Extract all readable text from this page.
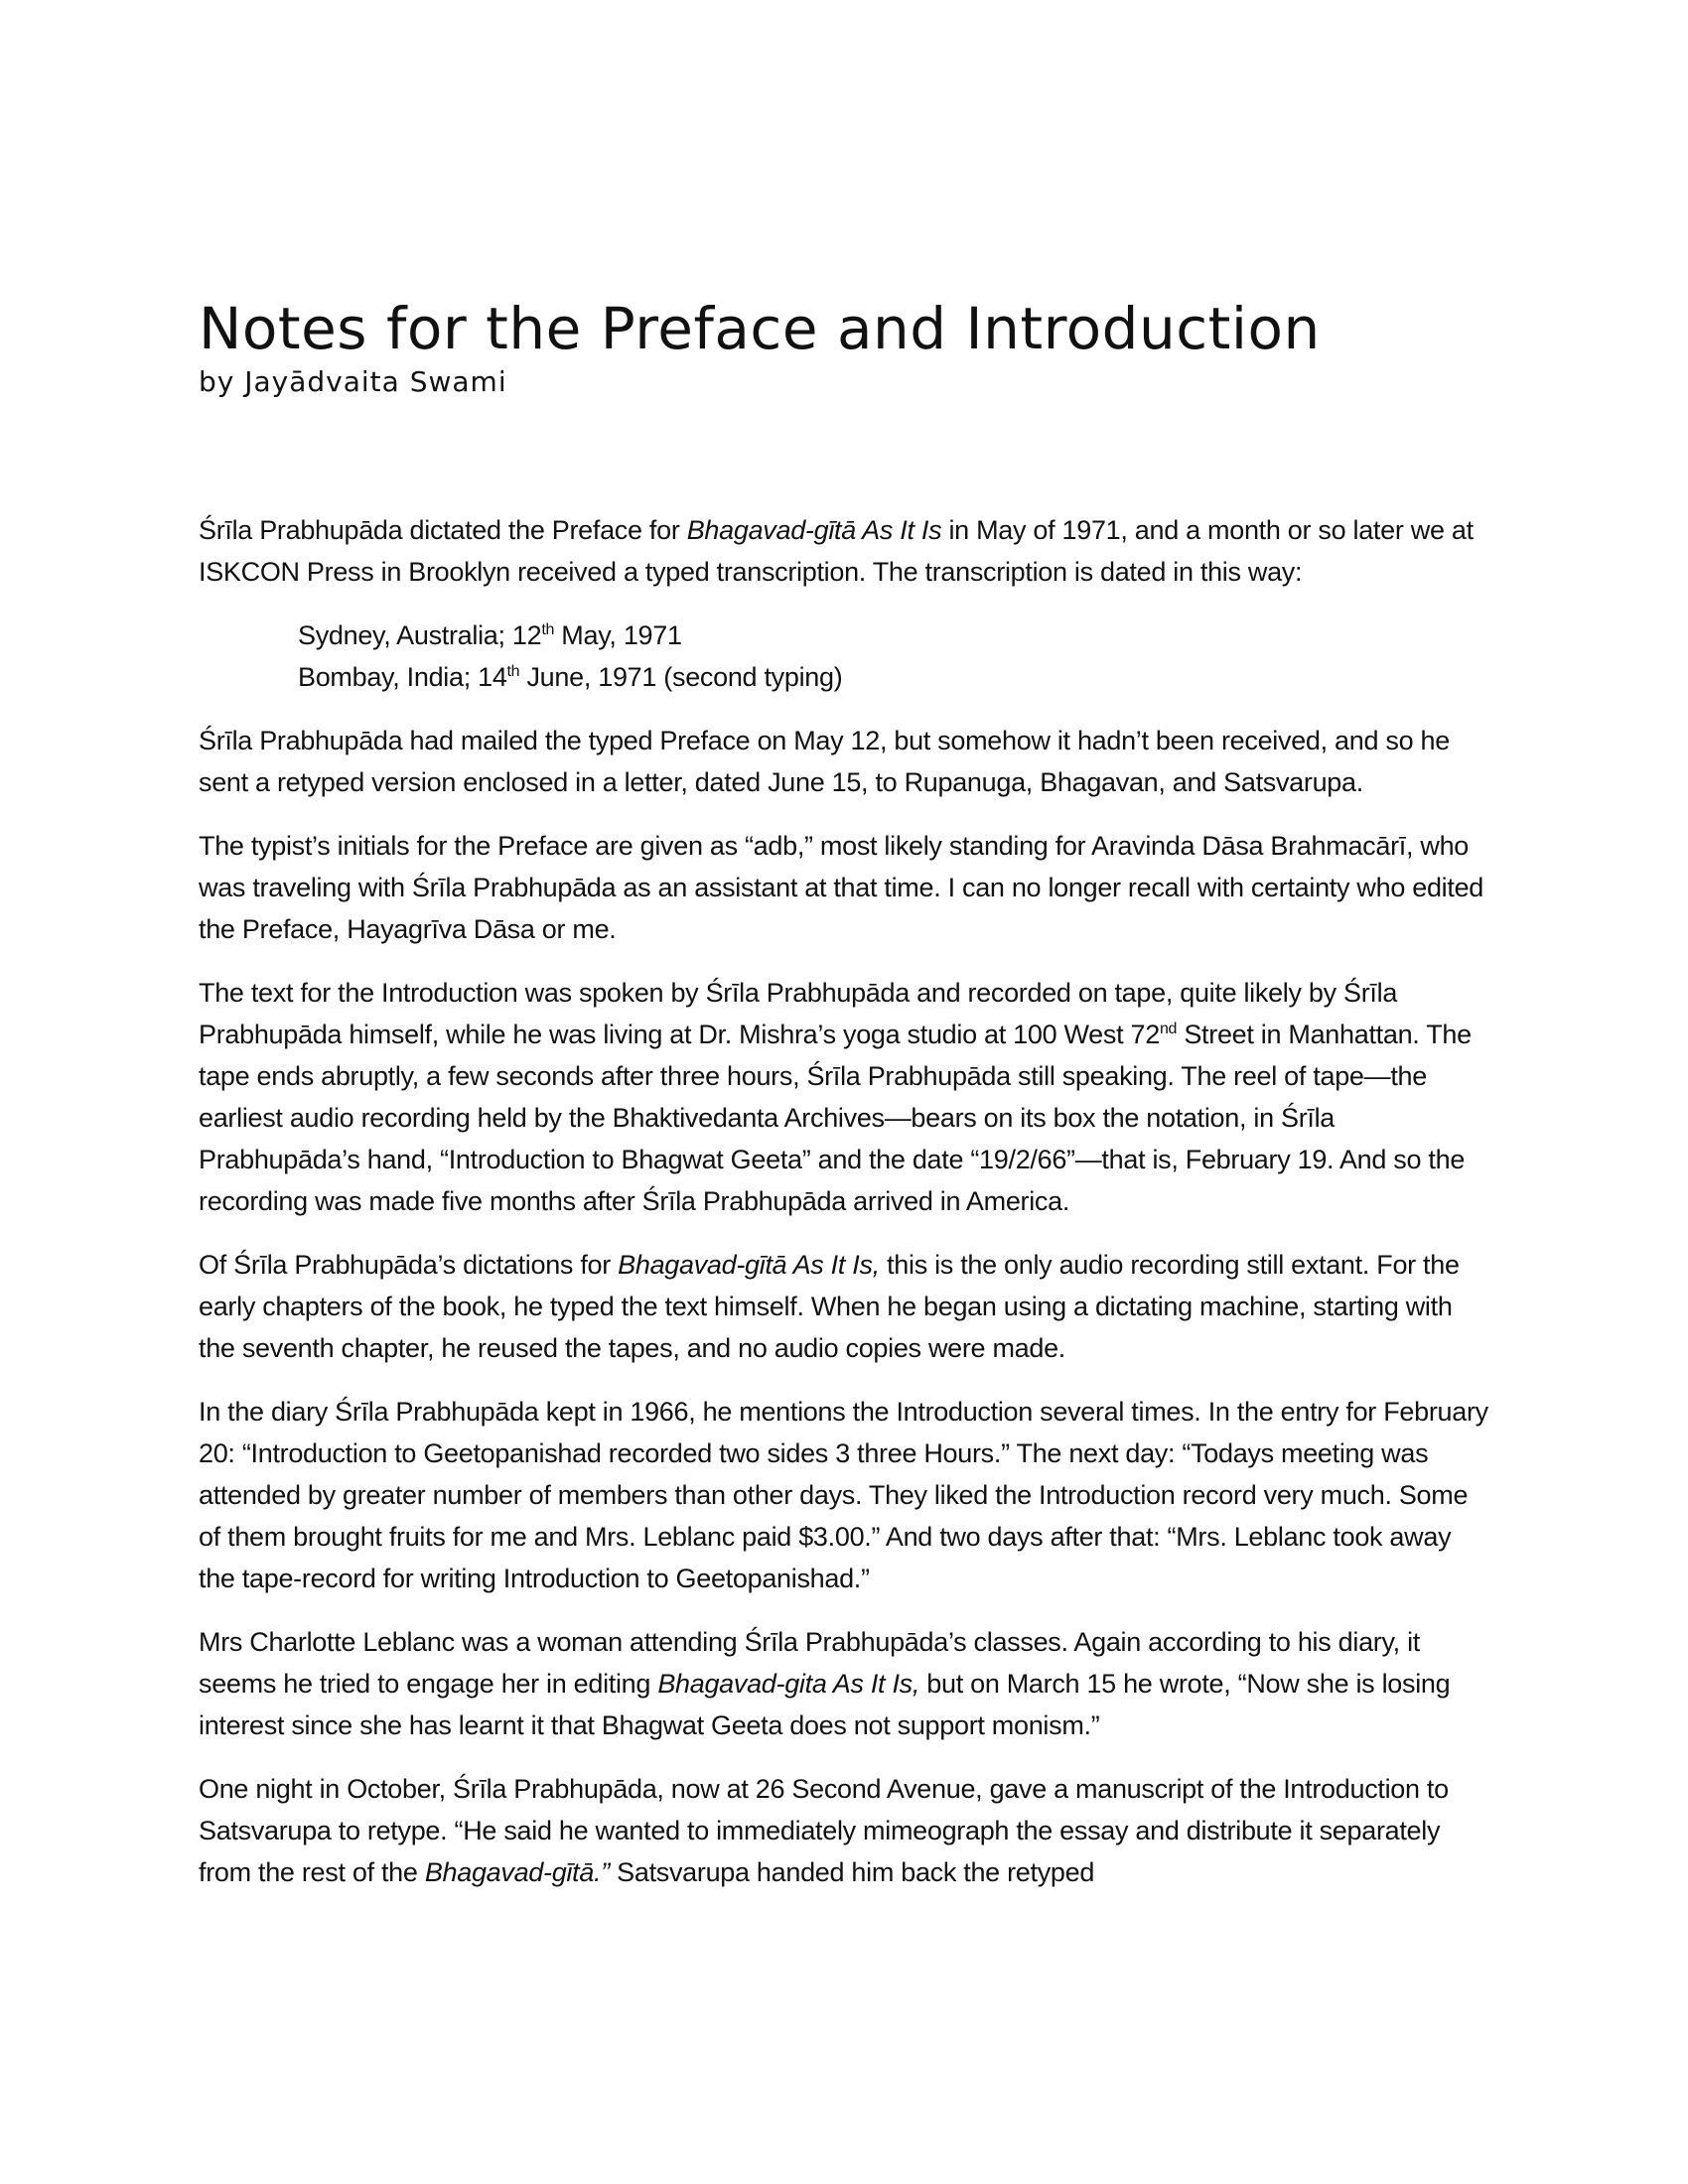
Notes for the Preface and Introduction
by Jayādvaita Swami

Śrīla Prabhupāda dictated the Preface for Bhagavad-gītā As It Is in May of 1971, and a month or so later we at ISKCON Press in Brooklyn received a typed transcription. The transcription is dated in this way:

Sydney, Australia; 12th May, 1971
Bombay, India; 14th June, 1971 (second typing)

Śrīla Prabhupāda had mailed the typed Preface on May 12, but somehow it hadn’t been received, and so he sent a retyped version enclosed in a letter, dated June 15, to Rupanuga, Bhagavan, and Satsvarupa.

The typist’s initials for the Preface are given as “adb,” most likely standing for Aravinda Dāsa Brahmacārī, who was traveling with Śrīla Prabhupāda as an assistant at that time. I can no longer recall with certainty who edited the Preface, Hayagrīva Dāsa or me.

The text for the Introduction was spoken by Śrīla Prabhupāda and recorded on tape, quite likely by Śrīla Prabhupāda himself, while he was living at Dr. Mishra’s yoga studio at 100 West 72nd Street in Manhattan. The tape ends abruptly, a few seconds after three hours, Śrīla Prabhupāda still speaking. The reel of tape—the earliest audio recording held by the Bhaktivedanta Archives—bears on its box the notation, in Śrīla Prabhupāda’s hand, “Introduction to Bhagwat Geeta” and the date “19/2/66”—that is, February 19. And so the recording was made five months after Śrīla Prabhupāda arrived in America.

Of Śrīla Prabhupāda’s dictations for Bhagavad-gītā As It Is, this is the only audio recording still extant. For the early chapters of the book, he typed the text himself. When he began using a dictating machine, starting with the seventh chapter, he reused the tapes, and no audio copies were made.

In the diary Śrīla Prabhupāda kept in 1966, he mentions the Introduction several times. In the entry for February 20: “Introduction to Geetopanishad recorded two sides 3 three Hours.” The next day: “Todays meeting was attended by greater number of members than other days. They liked the Introduction record very much. Some of them brought fruits for me and Mrs. Leblanc paid $3.00.” And two days after that: “Mrs. Leblanc took away the tape-record for writing Introduction to Geetopanishad.”

Mrs Charlotte Leblanc was a woman attending Śrīla Prabhupāda’s classes. Again according to his diary, it seems he tried to engage her in editing Bhagavad-gita As It Is, but on March 15 he wrote, “Now she is losing interest since she has learnt it that Bhagwat Geeta does not support monism.”

One night in October, Śrīla Prabhupāda, now at 26 Second Avenue, gave a manuscript of the Introduction to Satsvarupa to retype. “He said he wanted to immediately mimeograph the essay and distribute it separately from the rest of the Bhagavad-gītā.” Satsvarupa handed him back the retyped
